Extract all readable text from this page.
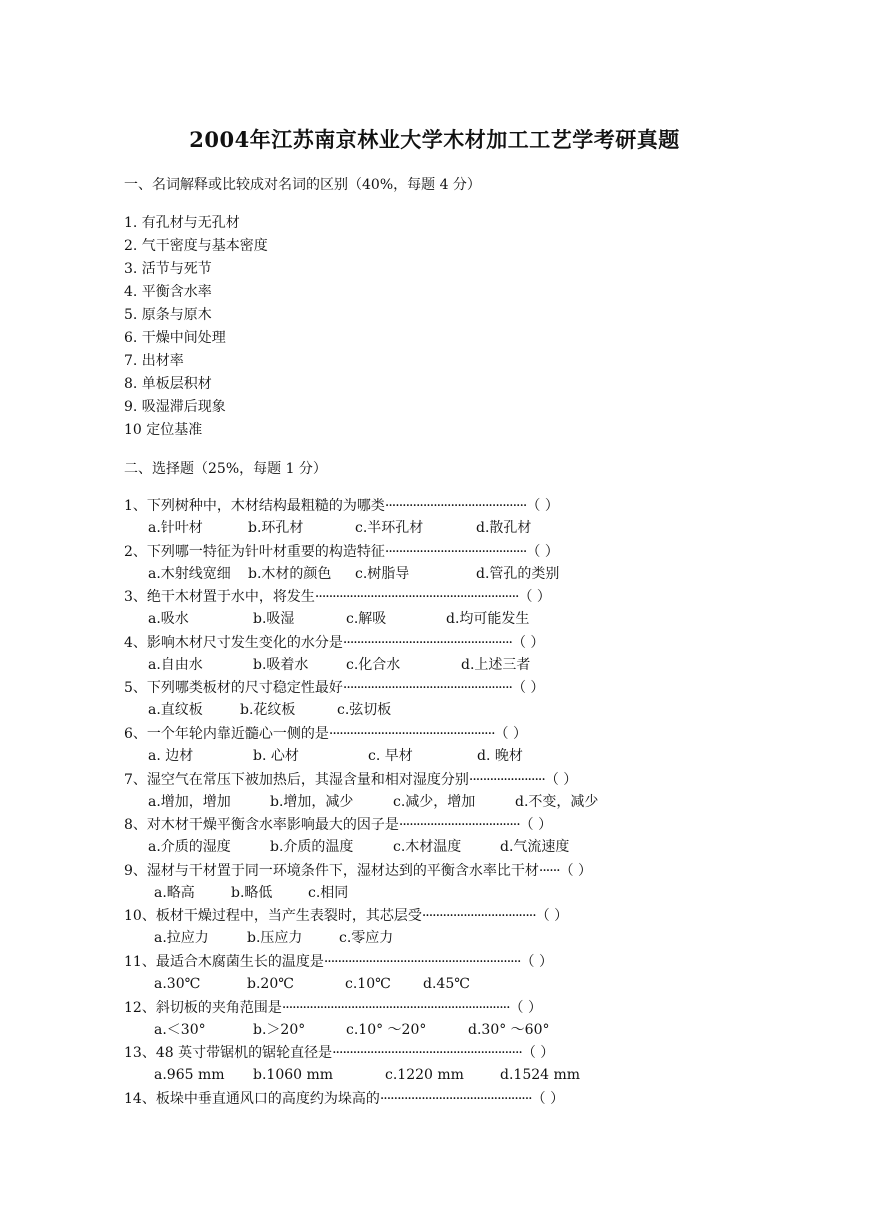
2004年江苏南京林业大学木材加工工艺学考研真题
一、名词解释或比较成对名词的区别（40%，每题 4 分）
1. 有孔材与无孔材
2. 气干密度与基本密度
3. 活节与死节
4. 平衡含水率
5. 原条与原木
6. 干燥中间处理
7. 出材率
8. 单板层积材
9. 吸湿滞后现象
10 定位基准
二、选择题（25%，每题 1 分）
1、下列树种中，木材结构最粗糙的为哪类·········································（ ）
a.针叶材	b.环孔材	c.半环孔材	d.散孔材
2、下列哪一特征为针叶材重要的构造特征·········································（ ）
a.木射线宽细 b.木材的颜色 c.树脂导	d.管孔的类别
3、绝干木材置于水中，将发生···························································（ ）
a.吸水	b.吸湿	c.解吸	d.均可能发生
4、影响木材尺寸发生变化的水分是·················································（ ）
a.自由水	b.吸着水	c.化合水	d.上述三者
5、下列哪类板材的尺寸稳定性最好·················································（ ）
a.直纹板	b.花纹板	c.弦切板
6、一个年轮内靠近髓心一侧的是················································（ ）
a. 边材	b. 心材	c. 早材	d. 晚材
7、湿空气在常压下被加热后，其湿含量和相对湿度分别······················（ ）
a.增加，增加	b.增加，减少	c.减少，增加	d.不变，减少
8、对木材干燥平衡含水率影响最大的因子是···································（ ）
a.介质的湿度	b.介质的温度	c.木材温度	d.气流速度
9、湿材与干材置于同一环境条件下，湿材达到的平衡含水率比干材······（ ）
a.略高	b.略低	c.相同
10、板材干燥过程中，当产生表裂时，其芯层受·································（ ）
a.拉应力	b.压应力	c.零应力
11、最适合木腐菌生长的温度是·························································（ ）
a.30℃	b.20℃	c.10℃ d.45℃
12、斜切板的夹角范围是··································································（ ）
a.＜30°	b.＞20°	c.10° ～20°	d.30° ～60°
13、48 英寸带锯机的锯轮直径是·······················································（ ）
a.965 mm b.1060 mm	c.1220 mm	d.1524 mm
14、板垛中垂直通风口的高度约为垛高的············································（ ）
